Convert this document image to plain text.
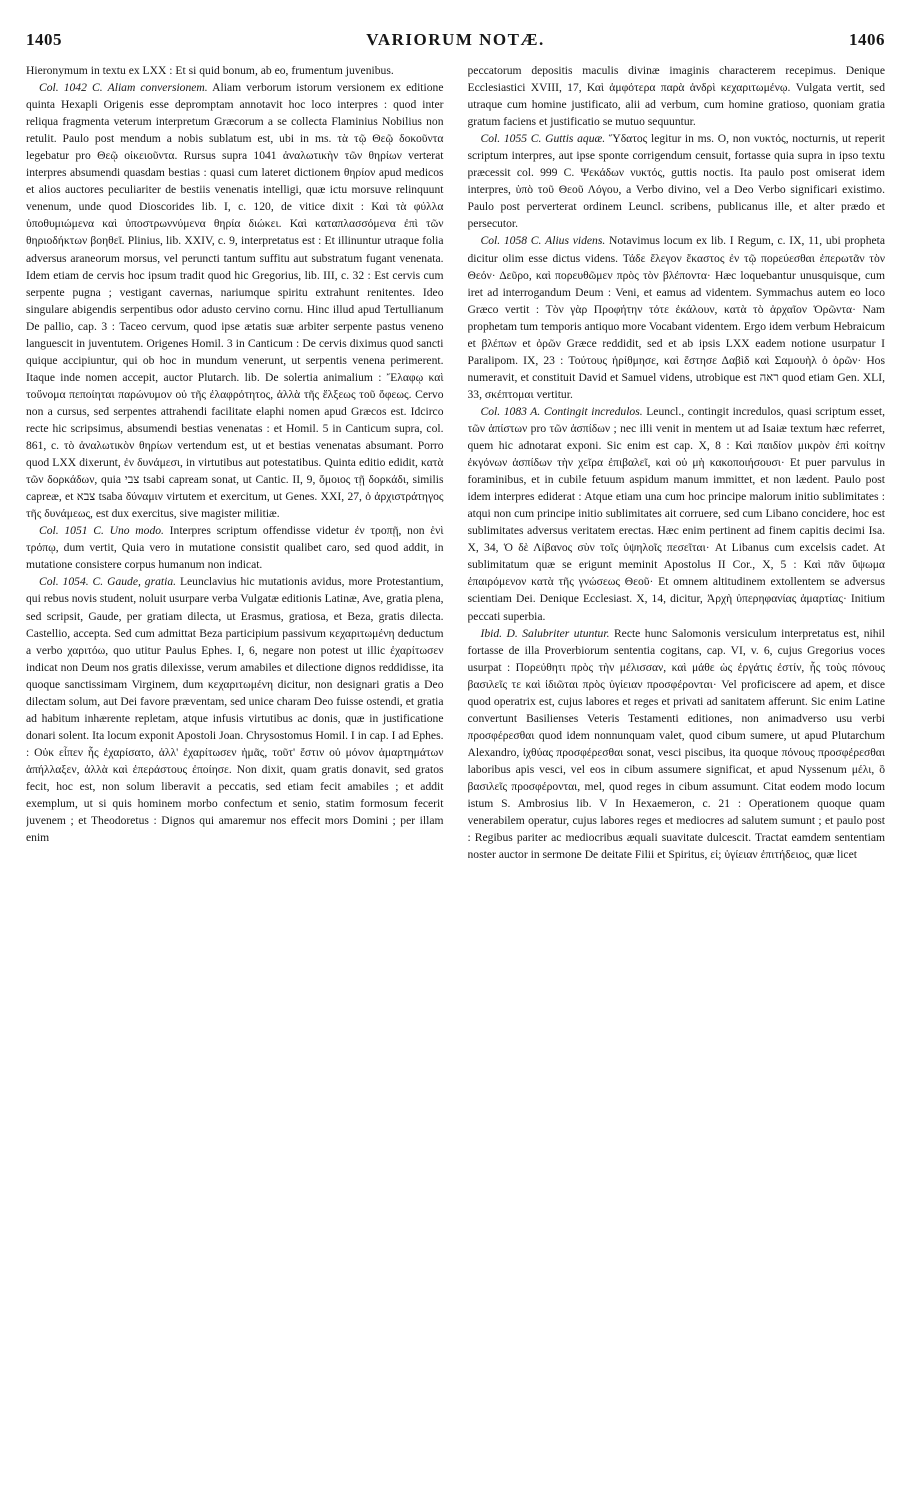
1405	VARIORUM NOTÆ.	1406

Hieronymum in textu ex LXX : Et si quid bonum, ab eo, frumentum juvenibus.

Col. 1042 C. Aliam conversionem. Aliam verborum istorum versionem ex editione quinta Hexapli Origenis esse depromptam annotavit hoc loco interpres : quod inter reliqua fragmenta veterum interpretum Græcorum a se collecta Flaminius Nobilius non retulit. Paulo post mendum a nobis sublatum est, ubi in ms. τὰ τῷ Θεῷ δοκοῦντα legebatur pro Θεῷ οἰκειοῦντα. Rursus supra 1041 ἀναλωτικὴν τῶν θηρίων verterat interpres absumendi quasdam bestias : quasi cum lateret dictionem θηρίον apud medicos et alios auctores peculiariter de bestiis venenatis intelligi, quæ ictu morsuve relinquunt venenum, unde quod Dioscorides lib. I, c. 120, de vitice dixit : Καὶ τὰ φύλλα ὑποθυμιώμενα καὶ ὑποστρωννύμενα θηρία διώκει. Καὶ καταπλασσόμενα ἐπὶ τῶν θηριοδήκτων βοηθεῖ. Plinius, lib. XXIV, c. 9, interpretatus est : Et illinuntur utraque folia adversus araneorum morsus, vel peruncti tantum suffitu aut substratum fugant venenata. Idem etiam de cervis hoc ipsum tradit quod hic Gregorius, lib. III, c. 32 : Est cervis cum serpente pugna ; vestigant cavernas, nariumque spiritu extrahunt renitentes. Ideo singulare abigendis serpentibus odor adusto cervino cornu. Hinc illud apud Tertullianum De pallio, cap. 3 : Taceo cervum, quod ipse ætatis suæ arbiter serpente pastus veneno languescit in juventutem. Origenes Homil. 3 in Canticum : De cervis diximus quod sancti quique accipiuntur, qui ob hoc in mundum venerunt, ut serpentis venena perimerent. Itaque inde nomen accepit, auctor Plutarch. lib. De solertia animalium : Ἔλαφῳ καὶ τοὔνομα πεποίηται παρώνυμον οὐ τῆς ἐλαφρότητος, ἀλλὰ τῆς ἕλξεως τοῦ ὄφεως. Cervo non a cursus, sed serpentes attrahendi facilitate elaphi nomen apud Græcos est. Idcirco recte hic scripsimus, absumendi bestias venenatas : et Homil. 5 in Canticum supra, col. 861, c. τὸ ἀναλωτικὸν θηρίων vertendum est, ut et bestias venenatas absumant. Porro quod LXX dixerunt, ἐν δυνάμεσι, in virtutibus aut potestatibus. Quinta editio edidit, κατὰ τῶν δορκάδων, quia צבי tsabi capream sonat, ut Cantic. II, 9, ὅμοιος τῇ δορκάδι, similis capreæ, et צבא tsaba δύναμιν virtutem et exercitum, ut Genes. XXI, 27, ὁ ἀρχιστράτηγος τῆς δυνάμεως, est dux exercitus, sive magister militiæ.

Col. 1051 C. Uno modo. Interpres scriptum offendisse videtur ἐν τροπῇ, non ἑνὶ τρόπῳ, dum vertit, Quia vero in mutatione consistit qualibet caro, sed quod addit, in mutatione consistere corpus humanum non indicat.

Col. 1054. C. Gaude, gratia. Leunclavius hic mutationis avidus, more Protestantium, qui rebus novis student, noluit usurpare verba Vulgatæ editionis Latinæ, Ave, gratia plena, sed scripsit, Gaude, per gratiam dilecta, ut Erasmus, gratiosa, et Beza, gratis dilecta. Castellio, accepta. Sed cum admittat Beza participium passivum κεχαριτωμένη deductum a verbo χαριτόω, quo utitur Paulus Ephes. I, 6, negare non potest ut illic ἐχαρίτωσεν indicat non Deum nos gratis dilexisse, verum amabiles et dilectione dignos reddidisse, ita quoque sanctissimam Virginem, dum κεχαριτωμένη dicitur, non designari gratis a Deo dilectam solum, aut Dei favore præventam, sed unice charam Deo fuisse ostendi, et gratia ad habitum inhærente repletam, atque infusis virtutibus ac donis, quæ in justificatione donari solent. Ita locum exponit Apostoli Joan. Chrysostomus Homil. I in cap. I ad Ephes. : Οὐκ εἶπεν ἧς ἐχαρίσατο, ἀλλ' ἐχαρίτωσεν ἡμᾶς, τοῦτ' ἔστιν οὐ μόνον ἁμαρτημάτων ἀπήλλαξεν, ἀλλὰ καὶ ἐπεράστους ἐποίησε. Non dixit, quam gratis donavit, sed gratos fecit, hoc est, non solum liberavit a peccatis, sed etiam fecit amabiles ; et addit exemplum, ut si quis hominem morbo confectum et senio, statim formosum fecerit juvenem ; et Theodoretus : Dignos qui amaremur nos effecit mors Domini ; per illam enim

peccatorum depositis maculis divinæ imaginis characterem recepimus. Denique Ecclesiastici XVIII, 17, Καὶ ἀμφότερα παρὰ ἀνδρὶ κεχαριτωμένῳ. Vulgata vertit, sed utraque cum homine justificato, alii ad verbum, cum homine gratioso, quoniam gratia gratum faciens et justificatio se mutuo sequuntur.

Col. 1055 C. Guttis aquæ. Ὕδατος legitur in ms. O, non νυκτός, nocturnis, ut reperit scriptum interpres, aut ipse sponte corrigendum censuit, fortasse quia supra in ipso textu præcessit col. 999 C. Ψεκάδων νυκτός, guttis noctis. Ita paulo post omiserat idem interpres, ὑπὸ τοῦ Θεοῦ Λόγου, a Verbo divino, vel a Deo Verbo significari existimo. Paulo post perverterat ordinem Leuncl. scribens, publicanus ille, et alter prædo et persecutor.

Col. 1058 C. Alius videns. Notavimus locum ex lib. I Regum, c. IX, 11, ubi propheta dicitur olim esse dictus videns. Τάδε ἔλεγον ἕκαστος ἐν τῷ πορεύεσθαι ἐπερωτᾶν τὸν Θεόν· Δεῦρο, καὶ πορευθῶμεν πρὸς τὸν βλέποντα· Hæc loquebantur unusquisque, cum iret ad interrogandum Deum : Veni, et eamus ad videntem. Symmachus autem eo loco Græco vertit : Τὸν γὰρ Προφήτην τότε ἐκάλουν, κατὰ τὸ ἀρχαῖον Ὁρῶντα· Nam prophetam tum temporis antiquo more Vocabant videntem. Ergo idem verbum Hebraicum et βλέπων et ὁρῶν Græce reddidit, sed et ab ipsis LXX eadem notione usurpatur I Paralipom. IX, 23 : Τούτους ἠρίθμησε, καὶ ἔστησε Δαβὶδ καὶ Σαμουὴλ ὁ ὁρῶν· Hos numeravit, et constituit David et Samuel videns, utrobique est ראה quod etiam Gen. XLI, 33, σκέπτομαι vertitur.

Col. 1083 A. Contingit incredulos. Leuncl., contingit incredulos, quasi scriptum esset, τῶν ἀπίστων pro τῶν ἀσπίδων ; nec illi venit in mentem ut ad Isaiæ textum hæc referret, quem hic adnotarat exponi. Sic enim est cap. X, 8 : Καὶ παιδίον μικρὸν ἐπὶ κοίτην ἐκγόνων ἀσπίδων τὴν χεῖρα ἐπιβαλεῖ, καὶ οὐ μὴ κακοποιήσουσι· Et puer parvulus in foraminibus, et in cubile fetuum aspidum manum immittet, et non lædent. Paulo post idem interpres ediderat : Atque etiam una cum hoc principe malorum initio sublimitates : atqui non cum principe initio sublimitates ait corruere, sed cum Libano concidere, hoc est sublimitates adversus veritatem erectas. Hæc enim pertinent ad finem capitis decimi Isa. X, 34, Ὁ δὲ Λίβανος σὺν τοῖς ὑψηλοῖς πεσεῖται· At Libanus cum excelsis cadet. At sublimitatum quæ se erigunt meminit Apostolus II Cor., X, 5 : Καὶ πᾶν ὕψωμα ἐπαιρόμενον κατὰ τῆς γνώσεως Θεοῦ· Et omnem altitudinem extollentem se adversus scientiam Dei. Denique Ecclesiast. X, 14, dicitur, Ἀρχὴ ὑπερηφανίας ἁμαρτίας· Initium peccati superbia.

Ibid. D. Salubriter utuntur. Recte hunc Salomonis versiculum interpretatus est, nihil fortasse de illa Proverbiorum sententia cogitans, cap. VI, v. 6, cujus Gregorius voces usurpat : Πορεύθητι πρὸς τὴν μέλισσαν, καὶ μάθε ὡς ἐργάτις ἐστίν, ἧς τοὺς πόνους βασιλεῖς τε καὶ ἰδιῶται πρὸς ὑγίειαν προσφέρονται· Vel proficiscere ad apem, et disce quod operatrix est, cujus labores et reges et privati ad sanitatem afferunt. Sic enim Latine convertunt Basilienses Veteris Testamenti editiones, non animadverso usu verbi προσφέρεσθαι quod idem nonnunquam valet, quod cibum sumere, ut apud Plutarchum Alexandro, ἰχθύας προσφέρεσθαι sonat, vesci piscibus, ita quoque πόνους προσφέρεσθαι laboribus apis vesci, vel eos in cibum assumere significat, et apud Nyssenum μέλι, ὃ βασιλεῖς προσφέρονται, mel, quod reges in cibum assumunt. Citat eodem modo locum istum S. Ambrosius lib. V In Hexaemeron, c. 21 : Operationem quoque quam venerabilem operatur, cujus labores reges et mediocres ad salutem sumunt ; et paulo post : Regibus pariter ac mediocribus æquali suavitate dulcescit. Tractat eamdem sententiam noster auctor in sermone De deitate Filii et Spiritus, εἰ; ὑγίειαν ἐπιτήδειος, quæ licet
